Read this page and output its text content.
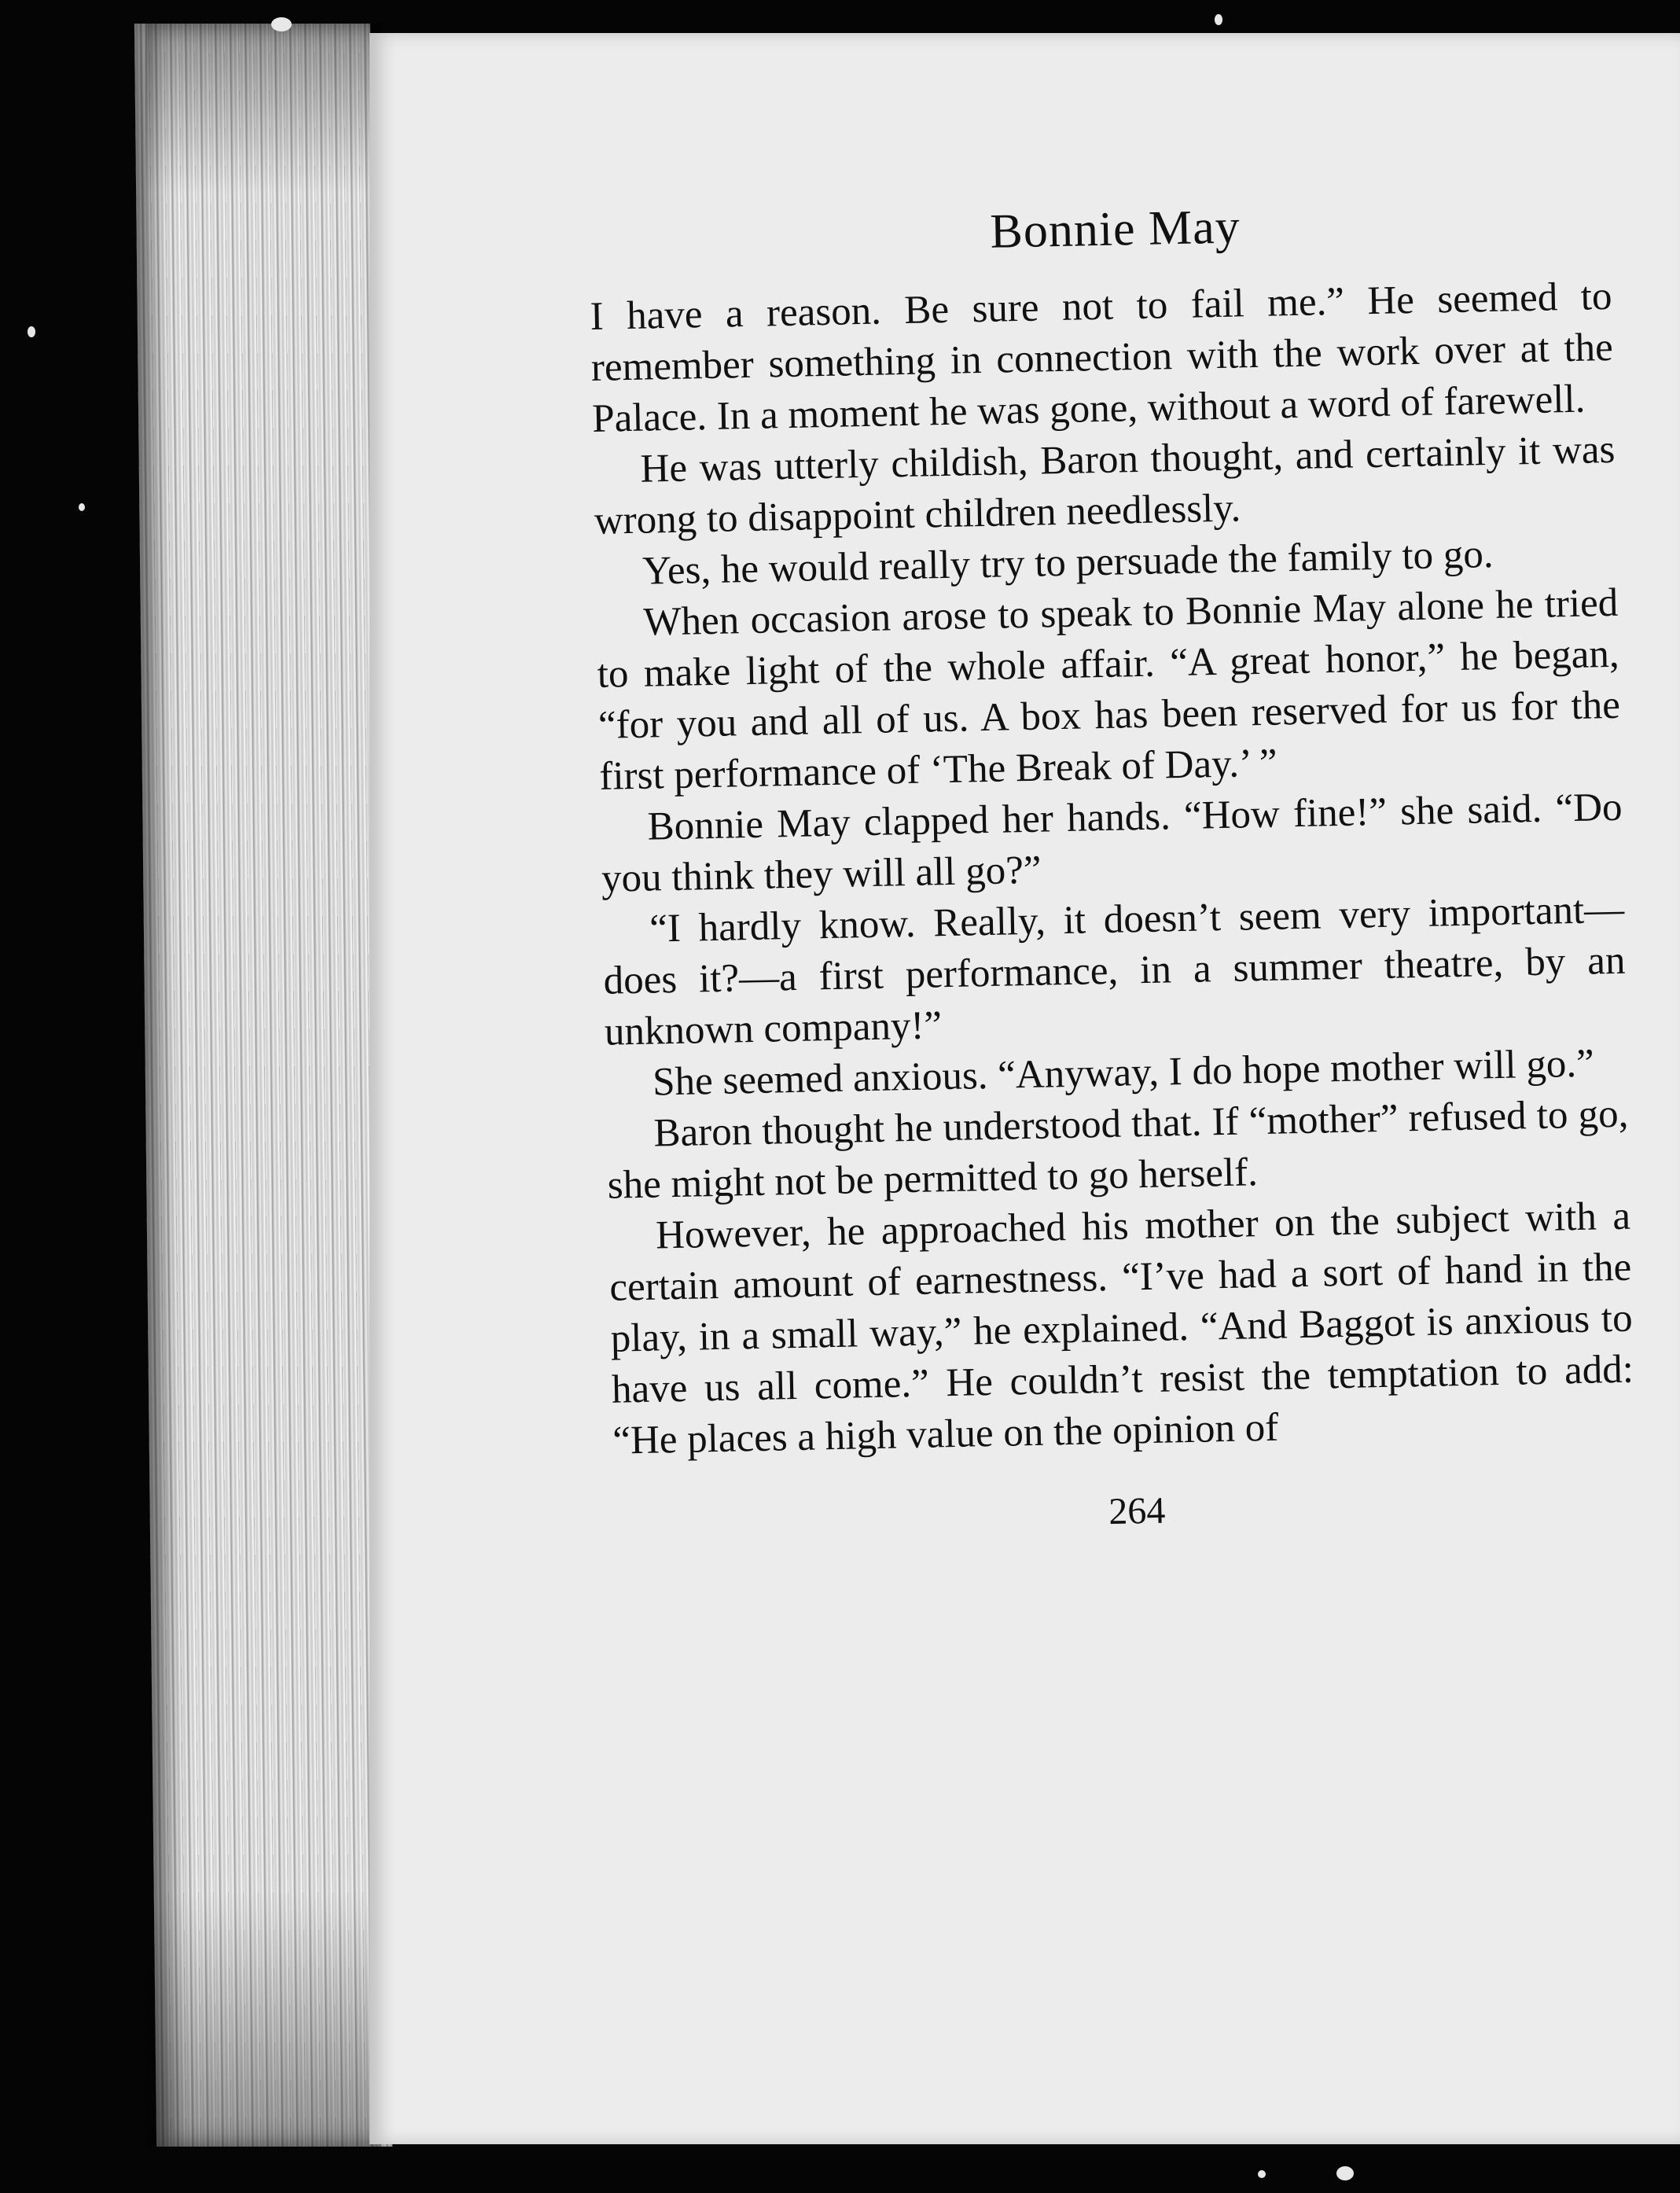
Bonnie May

I have a reason. Be sure not to fail me.” He seemed to remember something in connection with the work over at the Palace. In a moment he was gone, without a word of farewell.

He was utterly childish, Baron thought, and certainly it was wrong to disappoint children needlessly.

Yes, he would really try to persuade the family to go.

When occasion arose to speak to Bonnie May alone he tried to make light of the whole affair. “A great honor,” he began, “for you and all of us. A box has been reserved for us for the first performance of ‘The Break of Day.’ ”

Bonnie May clapped her hands. “How fine!” she said. “Do you think they will all go?”

“I hardly know. Really, it doesn’t seem very important—does it?—a first performance, in a summer theatre, by an unknown company!”

She seemed anxious. “Anyway, I do hope mother will go.”

Baron thought he understood that. If “mother” refused to go, she might not be permitted to go herself.

However, he approached his mother on the subject with a certain amount of earnestness. “I’ve had a sort of hand in the play, in a small way,” he explained. “And Baggot is anxious to have us all come.” He couldn’t resist the temptation to add: “He places a high value on the opinion of

264
